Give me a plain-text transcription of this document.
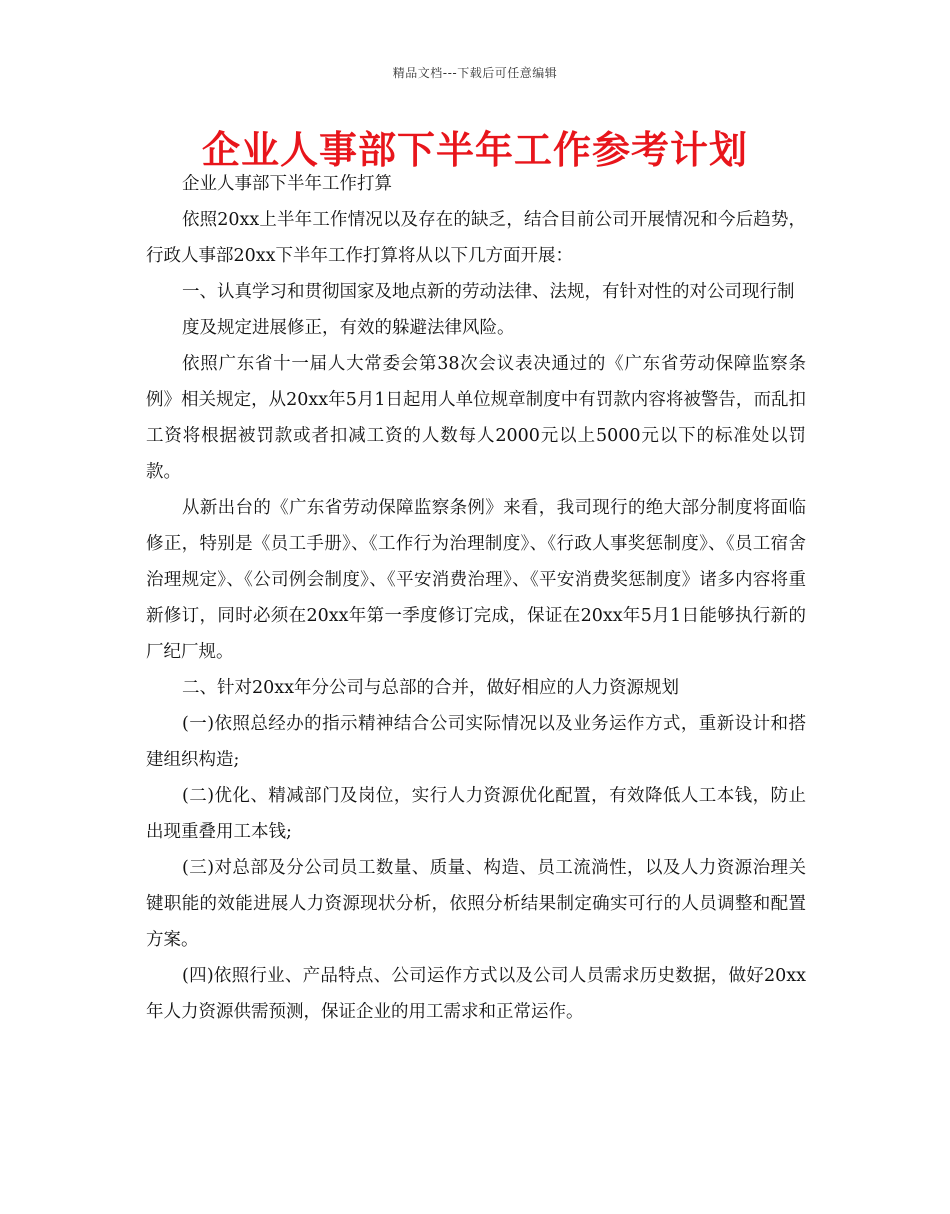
精品文档---下载后可任意编辑
企业人事部下半年工作参考计划

企业人事部下半年工作打算

依照20xx上半年工作情况以及存在的缺乏，结合目前公司开展情况和今后趋势，行政人事部20xx下半年工作打算将从以下几方面开展：

一、认真学习和贯彻国家及地点新的劳动法律、法规，有针对性的对公司现行制

度及规定进展修正，有效的躲避法律风险。

依照广东省十一届人大常委会第38次会议表决通过的《广东省劳动保障监察条例》相关规定，从20xx年5月1日起用人单位规章制度中有罚款内容将被警告，而乱扣工资将根据被罚款或者扣减工资的人数每人2000元以上5000元以下的标准处以罚款。

从新出台的《广东省劳动保障监察条例》来看，我司现行的绝大部分制度将面临修正，特别是《员工手册》、《工作行为治理制度》、《行政人事奖惩制度》、《员工宿舍治理规定》、《公司例会制度》、《平安消费治理》、《平安消费奖惩制度》诸多内容将重新修订，同时必须在20xx年第一季度修订完成，保证在20xx年5月1日能够执行新的厂纪厂规。

二、针对20xx年分公司与总部的合并，做好相应的人力资源规划

(一)依照总经办的指示精神结合公司实际情况以及业务运作方式，重新设计和搭建组织构造;

(二)优化、精减部门及岗位，实行人力资源优化配置，有效降低人工本钱，防止出现重叠用工本钱;

(三)对总部及分公司员工数量、质量、构造、员工流淌性，以及人力资源治理关键职能的效能进展人力资源现状分析，依照分析结果制定确实可行的人员调整和配置方案。

(四)依照行业、产品特点、公司运作方式以及公司人员需求历史数据，做好20xx年人力资源供需预测，保证企业的用工需求和正常运作。
